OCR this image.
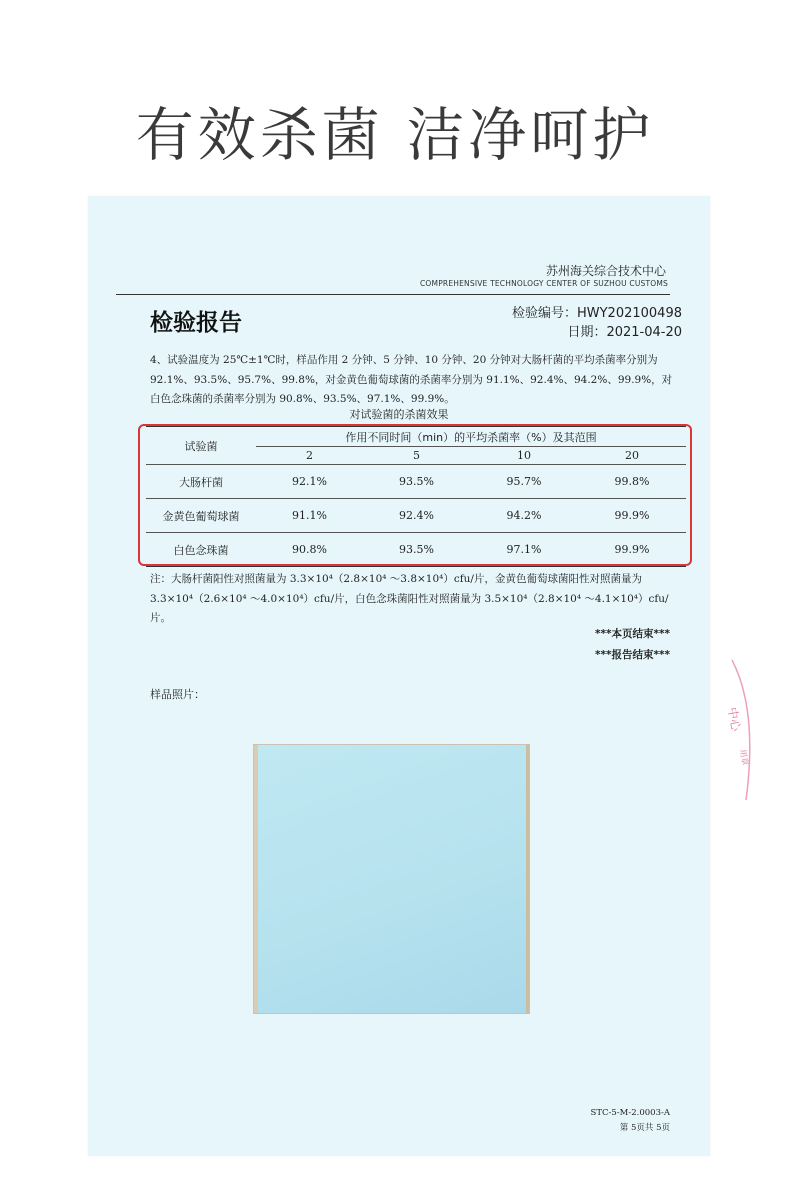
有效杀菌 洁净呵护
苏州海关综合技术中心
COMPREHENSIVE TECHNOLOGY CENTER OF SUZHOU CUSTOMS
检验报告	检验编号：HWY202100498
日期：2021-04-20
4、试验温度为 25℃±1℃时，样品作用 2 分钟、5 分钟、10 分钟、20 分钟对大肠杆菌的平均杀菌率分别为 92.1%、93.5%、95.7%、99.8%，对金黄色葡萄球菌的杀菌率分别为 91.1%、92.4%、94.2%、99.9%，对白色念珠菌的杀菌率分别为 90.8%、93.5%、97.1%、99.9%。
对试验菌的杀菌效果
试验菌	作用不同时间（min）的平均杀菌率（%）及其范围			
	2	5	10	20
大肠杆菌	92.1%	93.5%	95.7%	99.8%
金黄色葡萄球菌	91.1%	92.4%	94.2%	99.9%
白色念珠菌	90.8%	93.5%	97.1%	99.9%
注：大肠杆菌阳性对照菌量为 3.3×10⁴（2.8×10⁴ ～3.8×10⁴）cfu/片，金黄色葡萄球菌阳性对照菌量为 3.3×10⁴（2.6×10⁴ ～4.0×10⁴）cfu/片，白色念珠菌阳性对照菌量为 3.5×10⁴（2.8×10⁴ ～4.1×10⁴）cfu/片。
***本页结束***
***报告结束***
样品照片：
STC-5-M-2.0003-A
第 5页共 5页
中心
用章
